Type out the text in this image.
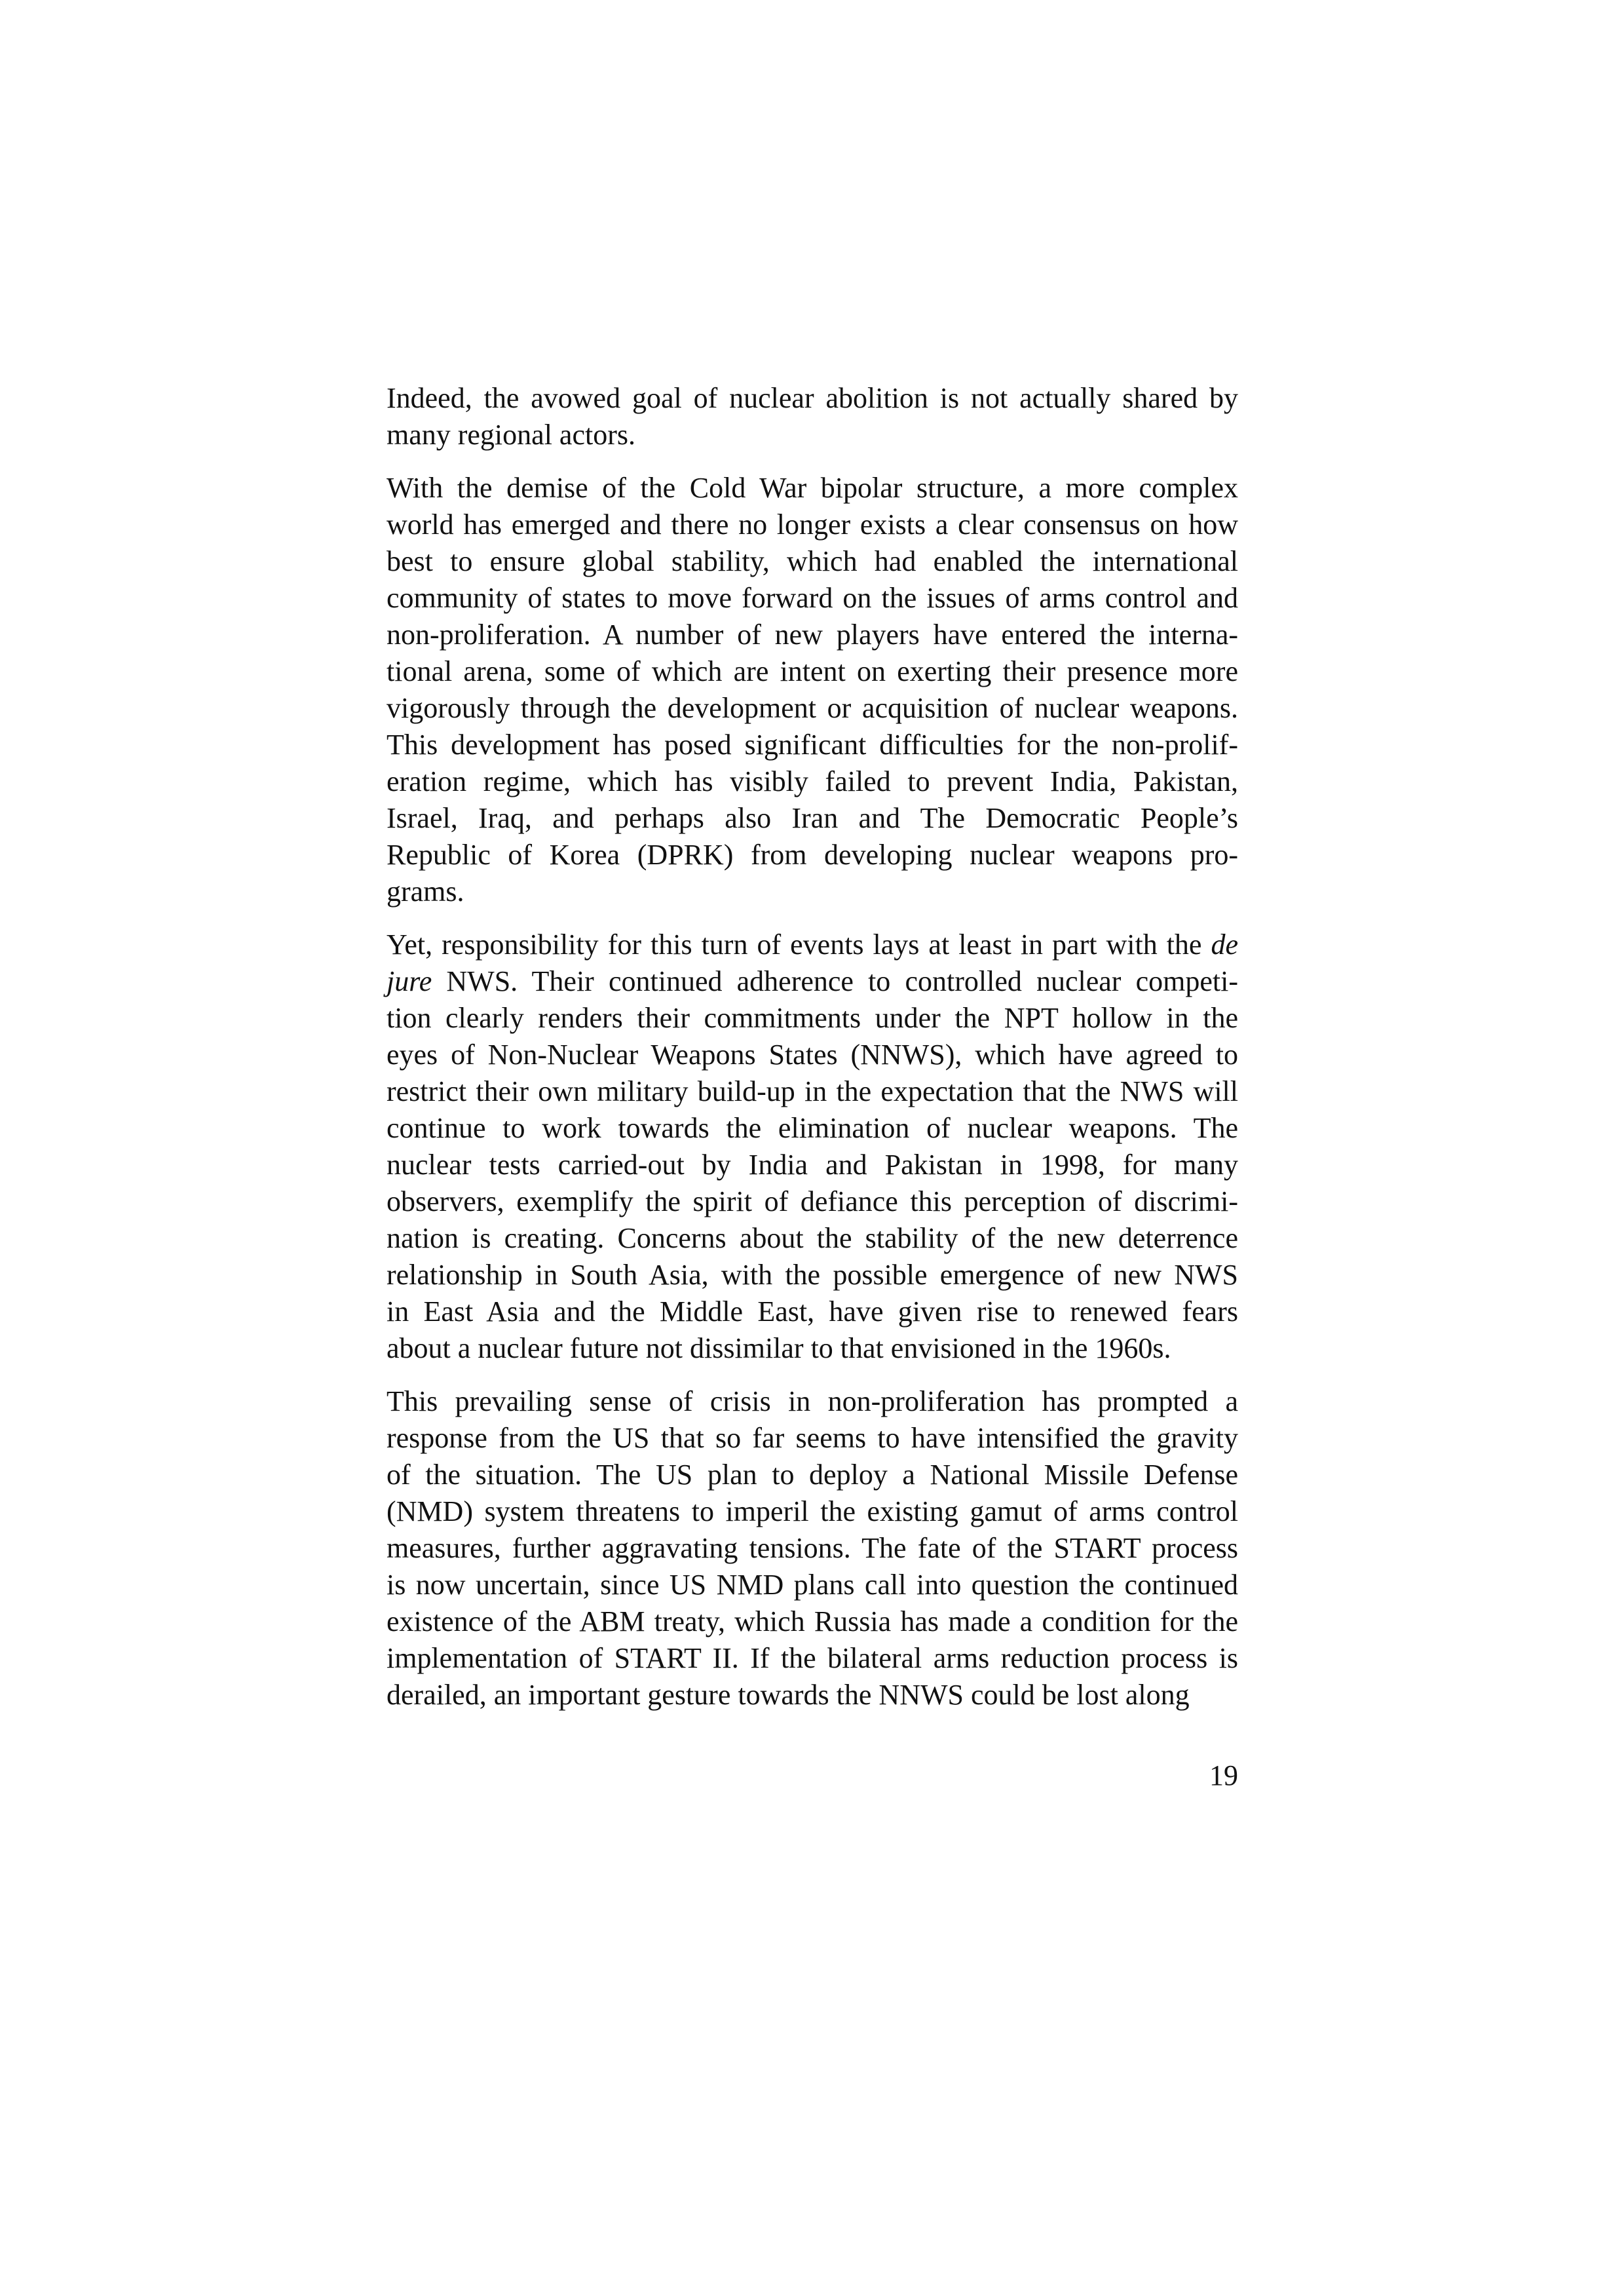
Indeed, the avowed goal of nuclear abolition is not actually shared by
many regional actors.
With the demise of the Cold War bipolar structure, a more complex
world has emerged and there no longer exists a clear consensus on how
best to ensure global stability, which had enabled the international
community of states to move forward on the issues of arms control and
non-proliferation. A number of new players have entered the interna-
tional arena, some of which are intent on exerting their presence more
vigorously through the development or acquisition of nuclear weapons.
This development has posed significant difficulties for the non-prolif-
eration regime, which has visibly failed to prevent India, Pakistan,
Israel, Iraq, and perhaps also Iran and The Democratic People’s
Republic of Korea (DPRK) from developing nuclear weapons pro-
grams.
Yet, responsibility for this turn of events lays at least in part with the de
jure NWS. Their continued adherence to controlled nuclear competi-
tion clearly renders their commitments under the NPT hollow in the
eyes of Non-Nuclear Weapons States (NNWS), which have agreed to
restrict their own military build-up in the expectation that the NWS will
continue to work towards the elimination of nuclear weapons. The
nuclear tests carried-out by India and Pakistan in 1998, for many
observers, exemplify the spirit of defiance this perception of discrimi-
nation is creating. Concerns about the stability of the new deterrence
relationship in South Asia, with the possible emergence of new NWS
in East Asia and the Middle East, have given rise to renewed fears
about a nuclear future not dissimilar to that envisioned in the 1960s.
This prevailing sense of crisis in non-proliferation has prompted a
response from the US that so far seems to have intensified the gravity
of the situation. The US plan to deploy a National Missile Defense
(NMD) system threatens to imperil the existing gamut of arms control
measures, further aggravating tensions. The fate of the START process
is now uncertain, since US NMD plans call into question the continued
existence of the ABM treaty, which Russia has made a condition for the
implementation of START II. If the bilateral arms reduction process is
derailed, an important gesture towards the NNWS could be lost along
19
